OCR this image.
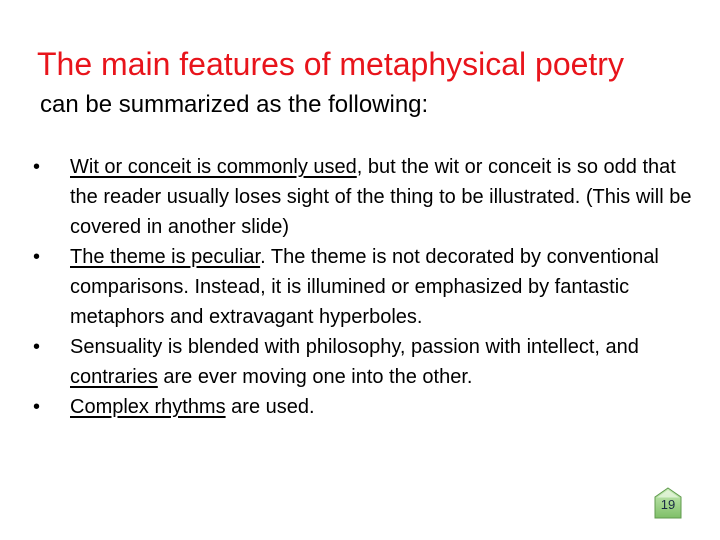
The main features of metaphysical poetry
can be summarized as the following:
•	Wit or conceit is commonly used, but the wit or conceit is so odd that the reader usually loses sight of the thing to be illustrated. (This will be covered in another slide)
•	The theme is peculiar. The theme is not decorated by conventional comparisons. Instead, it is illumined or emphasized by fantastic metaphors and extravagant hyperboles.
•	Sensuality is blended with philosophy, passion with intellect, and contraries are ever moving one into the other.
•	Complex rhythms are used.
19
